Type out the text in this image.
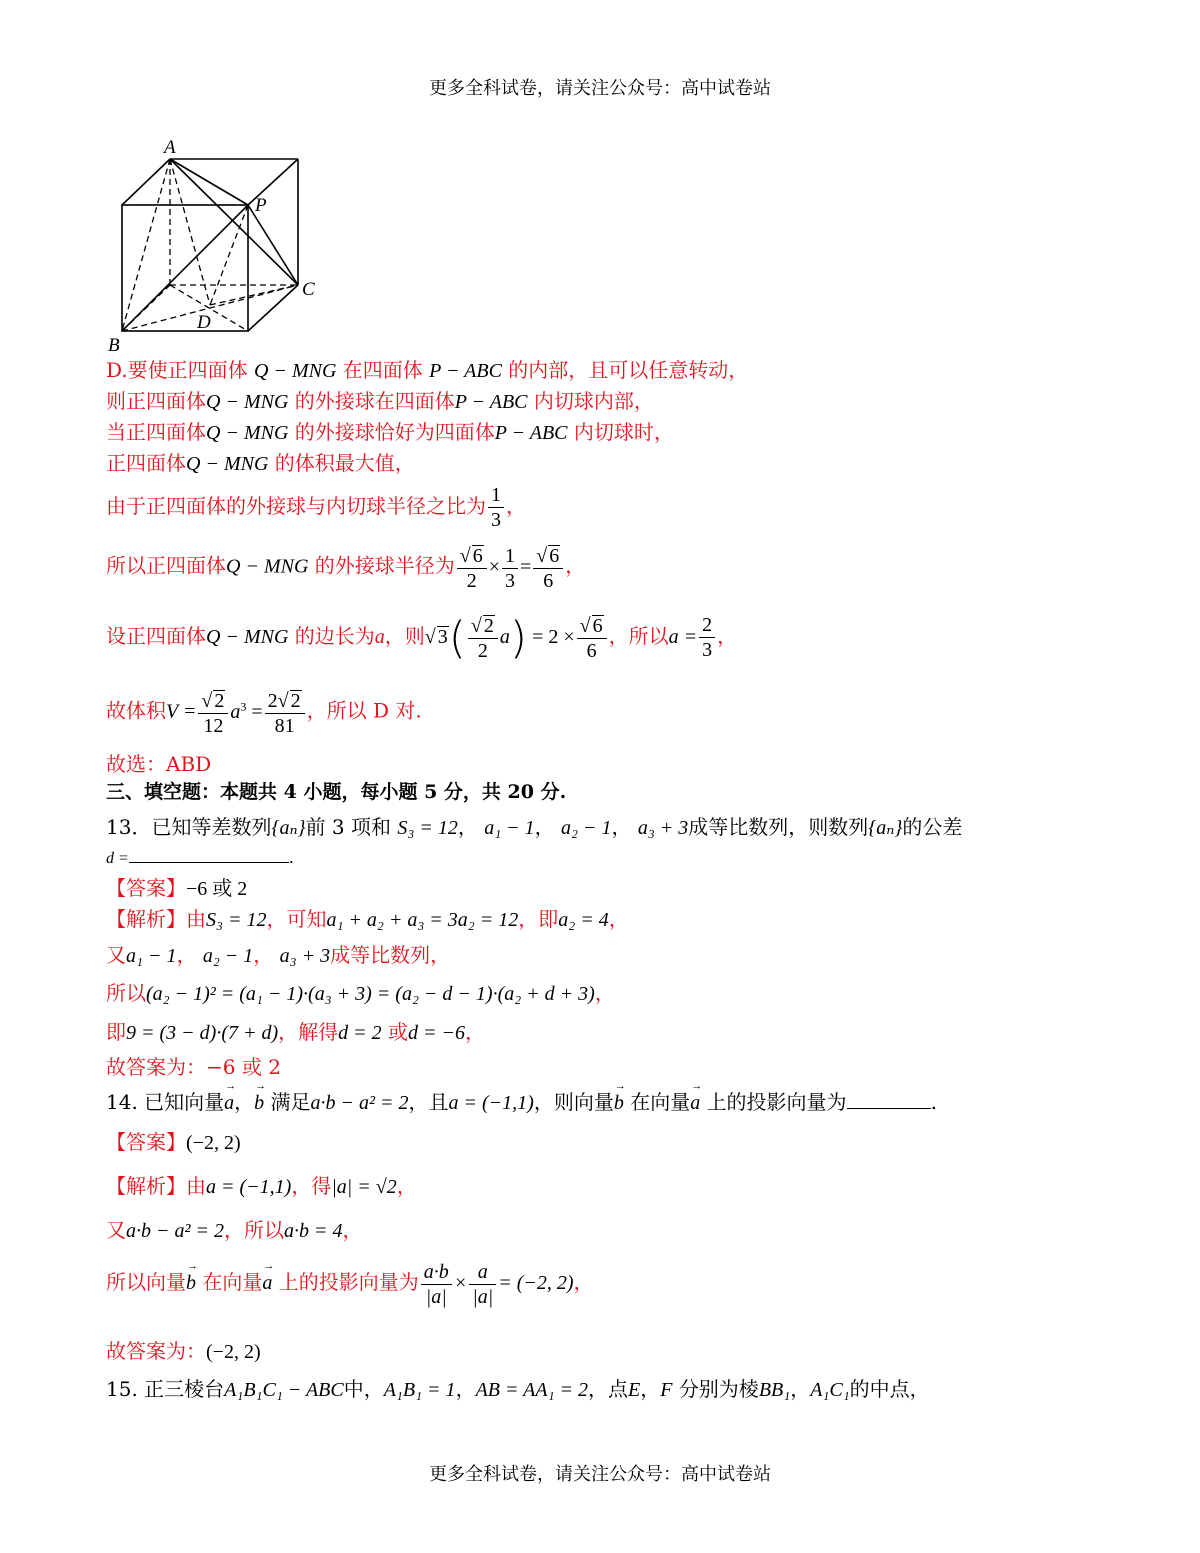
更多全科试卷，请关注公众号：高中试卷站
A
P
C
D
B
D.要使正四面体 Q − MNG 在四面体 P − ABC 的内部，且可以任意转动，
则正四面体Q − MNG 的外接球在四面体P − ABC 内切球内部，
当正四面体Q − MNG 的外接球恰好为四面体P − ABC 内切球时，
正四面体Q − MNG 的体积最大值，
由于正四面体的外接球与内切球半径之比为 $\frac{1}{3}$ ，
所以正四面体Q − MNG 的外接球半径为 $\frac{√ 6}{2} \times \frac{1}{3} = \frac{√ 6}{6}$ ，
设正四面体Q − MNG 的边长为a，则√ $3( \frac{√ 2}{2} a) = 2 \times \frac{√ 6}{6}$ ，所以$a = \frac{2}{3}$ ，
故体积$V = \frac{√ 2}{12} a^3 = \frac{2√ 2}{81}$ ，所以 D 对.
故选：ABD
三、填空题：本题共 4 小题，每小题 5 分，共 20 分.
13．已知等差数列{aₙ}前 3 项和 S₃ = 12， a₁ − 1， a₂ − 1， a₃ + 3成等比数列，则数列{aₙ}的公差
d =	.
【答案】−6 或 2
【解析】由S₃ = 12，可知a₁ + a₂ + a₃ = 3a₂ = 12，即a₂ = 4，
又a₁ − 1， a₂ − 1， a₃ + 3成等比数列，
所以(a₂ − 1)² = (a₁ − 1)·(a₃ + 3) = (a₂ − d − 1)·(a₂ + d + 3)，
即9 = (3 − d)·(7 + d)，解得d = 2 或d = −6，
故答案为：−6 或 2
14. 已知向量→ a，→ b 满足a·b − a² = 2，且a = (−1,1)，则向量→ b 在向量→ a 上的投影向量为	.
【答案】(−2, 2)
【解析】由a = (−1,1)，得|a| = √2，
又a·b − a² = 2，所以a·b = 4，
所以向量→ b 在向量→ a 上的投影向量为 $\frac{a\cdot b}{|a|} \times \frac{a}{|a|} = (-2$, 2)，
故答案为：(−2, 2)
15. 正三棱台A₁B₁C₁ − ABC中，A₁B₁ = 1，AB = AA₁ = 2，点E，F 分别为棱BB₁，A₁C₁的中点，
更多全科试卷，请关注公众号：高中试卷站
